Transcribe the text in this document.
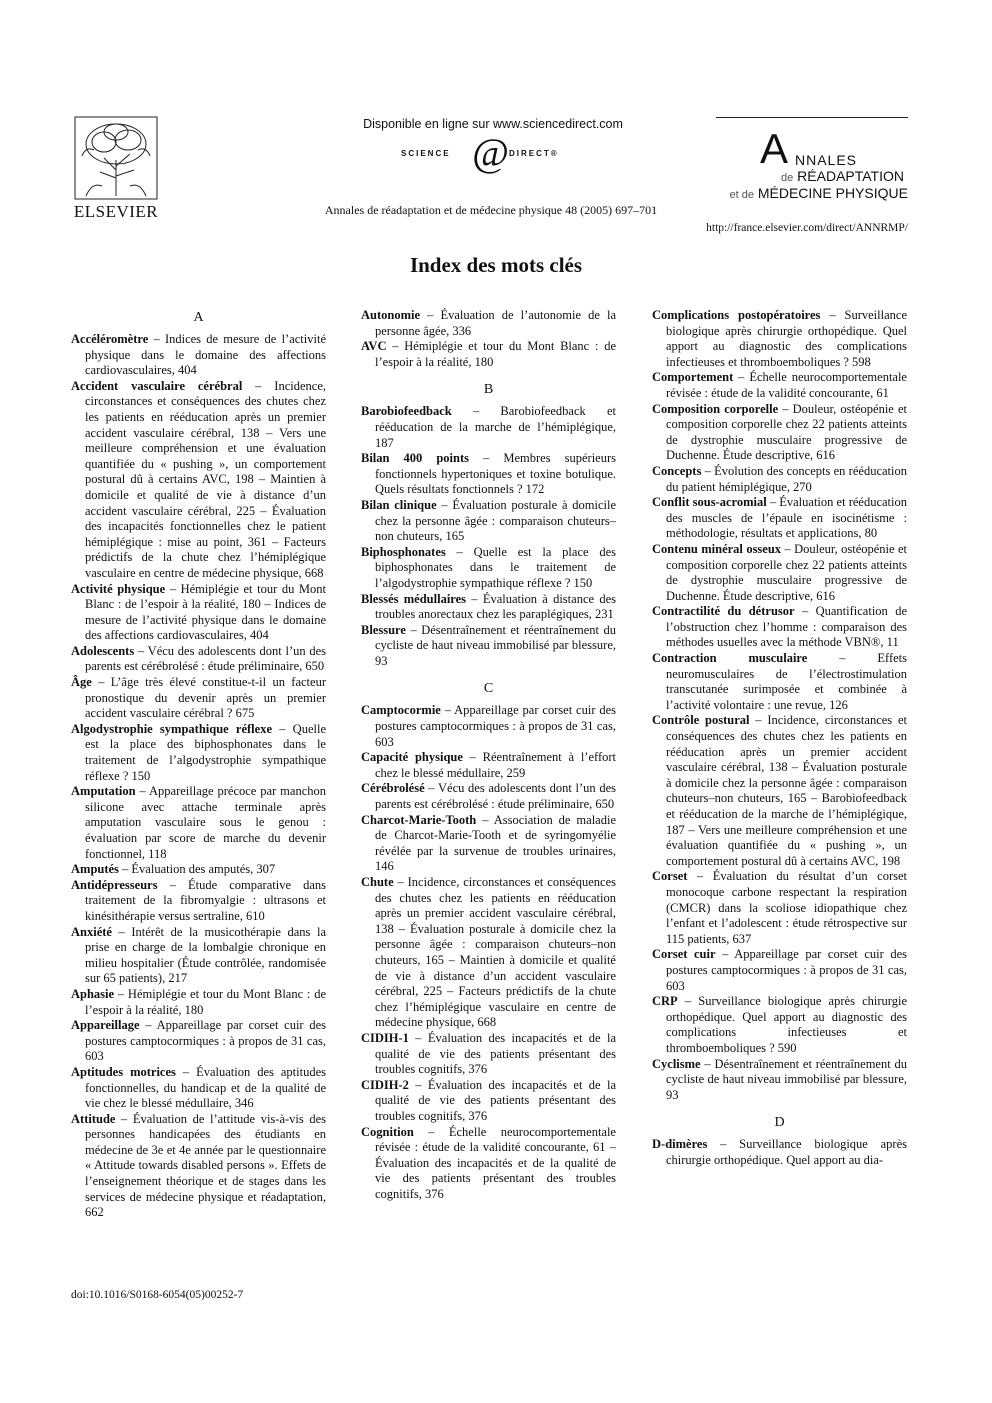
ELSEVIER
Disponible en ligne sur www.sciencedirect.com
SCIENCE @ DIRECT®
Annales de réadaptation et de médecine physique 48 (2005) 697–701
A NNALES
de RÉADAPTATION
et de MÉDECINE PHYSIQUE
http://france.elsevier.com/direct/ANNRMP/
Index des mots clés
A

Accéléromètre – Indices de mesure de l’activité physique dans le domaine des affections cardiovasculaires, 404

Accident vasculaire cérébral – Incidence, circonstances et conséquences des chutes chez les patients en rééducation après un premier accident vasculaire cérébral, 138 – Vers une meilleure compréhension et une évaluation quantifiée du « pushing », un comportement postural dû à certains AVC, 198 – Maintien à domicile et qualité de vie à distance d’un accident vasculaire cérébral, 225 – Évaluation des incapacités fonctionnelles chez le patient hémiplégique : mise au point, 361 – Facteurs prédictifs de la chute chez l’hémiplégique vasculaire en centre de médecine physique, 668

Activité physique – Hémiplégie et tour du Mont Blanc : de l’espoir à la réalité, 180 – Indices de mesure de l’activité physique dans le domaine des affections cardiovasculaires, 404

Adolescents – Vécu des adolescents dont l’un des parents est cérébrolésé : étude préliminaire, 650

Âge – L’âge très élevé constitue-t-il un facteur pronostique du devenir après un premier accident vasculaire cérébral ? 675

Algodystrophie sympathique réflexe – Quelle est la place des biphosphonates dans le traitement de l’algodystrophie sympathique réflexe ? 150

Amputation – Appareillage précoce par manchon silicone avec attache terminale après amputation vasculaire sous le genou : évaluation par score de marche du devenir fonctionnel, 118

Amputés – Évaluation des amputés, 307

Antidépresseurs – Étude comparative dans traitement de la fibromyalgie : ultrasons et kinésithérapie versus sertraline, 610

Anxiété – Intérêt de la musicothérapie dans la prise en charge de la lombalgie chronique en milieu hospitalier (Étude contrôlée, randomisée sur 65 patients), 217

Aphasie – Hémiplégie et tour du Mont Blanc : de l’espoir à la réalité, 180

Appareillage – Appareillage par corset cuir des postures camptocormiques : à propos de 31 cas, 603

Aptitudes motrices – Évaluation des aptitudes fonctionnelles, du handicap et de la qualité de vie chez le blessé médullaire, 346

Attitude – Évaluation de l’attitude vis-à-vis des personnes handicapées des étudiants en médecine de 3e et 4e année par le questionnaire « Attitude towards disabled persons ». Effets de l’enseignement théorique et de stages dans les services de médecine physique et réadaptation, 662

Autonomie – Évaluation de l’autonomie de la personne âgée, 336

AVC – Hémiplégie et tour du Mont Blanc : de l’espoir à la réalité, 180

B

Barobiofeedback – Barobiofeedback et rééducation de la marche de l’hémiplégique, 187

Bilan 400 points – Membres supérieurs fonctionnels hypertoniques et toxine botulique. Quels résultats fonctionnels ? 172

Bilan clinique – Évaluation posturale à domicile chez la personne âgée : comparaison chuteurs–non chuteurs, 165

Biphosphonates – Quelle est la place des biphosphonates dans le traitement de l’algodystrophie sympathique réflexe ? 150

Blessés médullaires – Évaluation à distance des troubles anorectaux chez les paraplégiques, 231

Blessure – Désentraînement et réentraînement du cycliste de haut niveau immobilisé par blessure, 93

C

Camptocormie – Appareillage par corset cuir des postures camptocormiques : à propos de 31 cas, 603

Capacité physique – Réentraînement à l’effort chez le blessé médullaire, 259

Cérébrolésé – Vécu des adolescents dont l’un des parents est cérébrolésé : étude préliminaire, 650

Charcot-Marie-Tooth – Association de maladie de Charcot-Marie-Tooth et de syringomyélie révélée par la survenue de troubles urinaires, 146

Chute – Incidence, circonstances et conséquences des chutes chez les patients en rééducation après un premier accident vasculaire cérébral, 138 – Évaluation posturale à domicile chez la personne âgée : comparaison chuteurs–non chuteurs, 165 – Maintien à domicile et qualité de vie à distance d’un accident vasculaire cérébral, 225 – Facteurs prédictifs de la chute chez l’hémiplégique vasculaire en centre de médecine physique, 668

CIDIH-1 – Évaluation des incapacités et de la qualité de vie des patients présentant des troubles cognitifs, 376

CIDIH-2 – Évaluation des incapacités et de la qualité de vie des patients présentant des troubles cognitifs, 376

Cognition – Échelle neurocomportementale révisée : étude de la validité concourante, 61 – Évaluation des incapacités et de la qualité de vie des patients présentant des troubles cognitifs, 376

Complications postopératoires – Surveillance biologique après chirurgie orthopédique. Quel apport au diagnostic des complications infectieuses et thromboemboliques ? 598

Comportement – Échelle neurocomportementale révisée : étude de la validité concourante, 61

Composition corporelle – Douleur, ostéopénie et composition corporelle chez 22 patients atteints de dystrophie musculaire progressive de Duchenne. Étude descriptive, 616

Concepts – Évolution des concepts en rééducation du patient hémiplégique, 270

Conflit sous-acromial – Évaluation et rééducation des muscles de l’épaule en isocinétisme : méthodologie, résultats et applications, 80

Contenu minéral osseux – Douleur, ostéopénie et composition corporelle chez 22 patients atteints de dystrophie musculaire progressive de Duchenne. Étude descriptive, 616

Contractilité du détrusor – Quantification de l’obstruction chez l’homme : comparaison des méthodes usuelles avec la méthode VBN®, 11

Contraction musculaire – Effets neuromusculaires de l’électrostimulation transcutanée surimposée et combinée à l’activité volontaire : une revue, 126

Contrôle postural – Incidence, circonstances et conséquences des chutes chez les patients en rééducation après un premier accident vasculaire cérébral, 138 – Évaluation posturale à domicile chez la personne âgée : comparaison chuteurs–non chuteurs, 165 – Barobiofeedback et rééducation de la marche de l’hémiplégique, 187 – Vers une meilleure compréhension et une évaluation quantifiée du « pushing », un comportement postural dû à certains AVC, 198

Corset – Évaluation du résultat d’un corset monocoque carbone respectant la respiration (CMCR) dans la scoliose idiopathique chez l’enfant et l’adolescent : étude rétrospective sur 115 patients, 637

Corset cuir – Appareillage par corset cuir des postures camptocormiques : à propos de 31 cas, 603

CRP – Surveillance biologique après chirurgie orthopédique. Quel apport au diagnostic des complications infectieuses et thromboemboliques ? 590

Cyclisme – Désentraînement et réentraînement du cycliste de haut niveau immobilisé par blessure, 93

D

D-dimères – Surveillance biologique après chirurgie orthopédique. Quel apport au dia-

doi:10.1016/S0168-6054(05)00252-7
